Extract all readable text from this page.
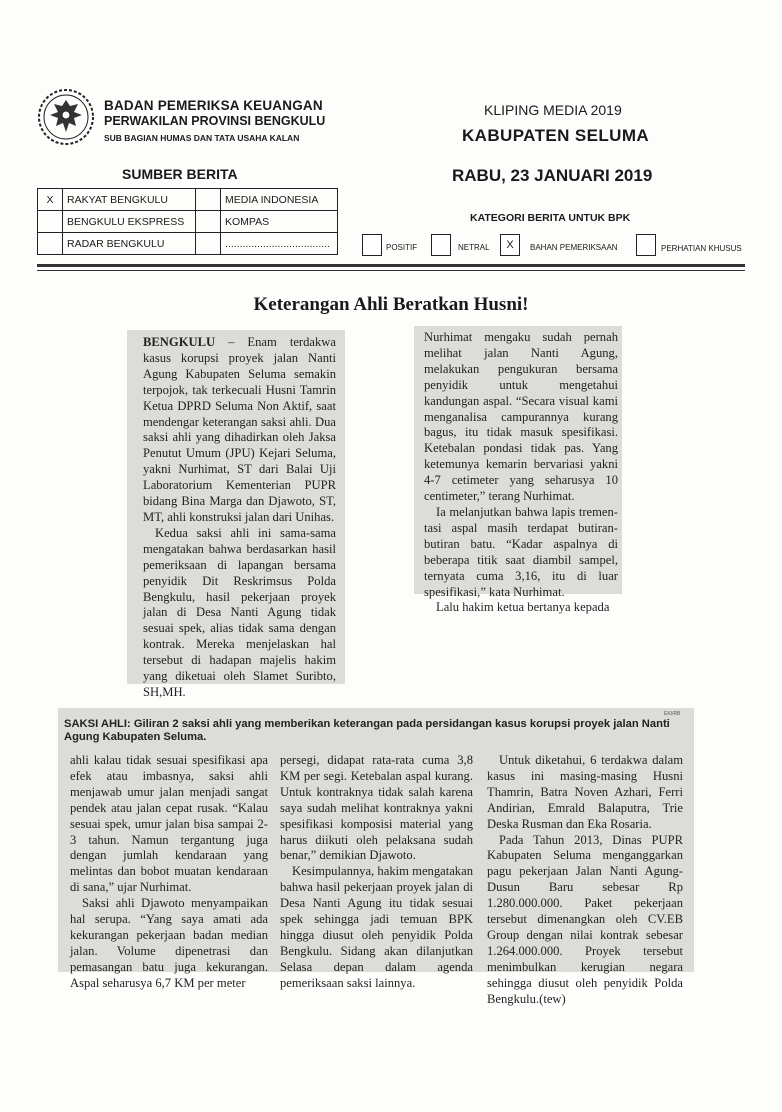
BADAN PEMERIKSA KEUANGAN
PERWAKILAN PROVINSI BENGKULU
SUB BAGIAN HUMAS DAN TATA USAHA KALAN
KLIPING MEDIA 2019
KABUPATEN SELUMA
RABU, 23 JANUARI 2019
SUMBER BERITA
X	RAKYAT BENGKULU		MEDIA INDONESIA
	BENGKULU EKSPRESS		KOMPAS
	RADAR BENGKULU		....................................
KATEGORI BERITA UNTUK BPK
POSITIF	NETRAL	X	BAHAN PEMERIKSAAN	PERHATIAN KHUSUS
Keterangan Ahli Beratkan Husni!

BENGKULU – Enam terdakwa kasus korupsi proyek jalan Nanti Agung Kabupaten Seluma semakin terpojok, tak terkecuali Husni Tamrin Ketua DPRD Seluma Non Aktif, saat mendengar keterangan saksi ahli. Dua saksi ahli yang dihadirkan oleh Jaksa Penutut Umum (JPU) Kejari Seluma, yakni Nurhimat, ST dari Balai Uji Laboratorium Kementerian PUPR bidang Bina Marga dan Djawoto, ST, MT, ahli konstruksi jalan dari Unihas.

Kedua saksi ahli ini sama-sama mengatakan bahwa berdasarkan hasil pemeriksaan di lapangan bersama penyidik Dit Reskrimsus Polda Bengkulu, hasil pekerjaan proyek jalan di Desa Nanti Agung tidak sesuai spek, alias tidak sama dengan kontrak. Mereka menjelaskan hal tersebut di hadapan majelis hakim yang diketuai oleh Slamet Suribto, SH,MH.

Nurhimat mengaku sudah pernah melihat jalan Nanti Agung, melakukan pengukuran bersama penyidik untuk mengetahui kandungan aspal. “Secara visual kami menganalisa campurannya kurang bagus, itu tidak masuk spesifikasi. Ketebalan pondasi tidak pas. Yang ketemunya kemarin bervariasi yakni 4-7 cetimeter yang seharusya 10 centimeter,” terang Nurhimat.

Ia melanjutkan bahwa lapis tremen-tasi aspal masih terdapat butiran-butiran batu. “Kadar aspalnya di beberapa titik saat diambil sampel, ternyata cuma 3,16, itu di luar spesifikasi,” kata Nurhimat.

Lalu hakim ketua bertanya kepada

EKI/RB
SAKSI AHLI: Giliran 2 saksi ahli yang memberikan keterangan pada persidangan kasus korupsi proyek jalan Nanti Agung Kabupaten Seluma.

ahli kalau tidak sesuai spesifikasi apa efek atau imbasnya, saksi ahli menjawab umur jalan menjadi sangat pendek atau jalan cepat rusak. “Kalau sesuai spek, umur jalan bisa sampai 2-3 tahun. Namun tergantung juga dengan jumlah kendaraan yang melintas dan bobot muatan kendaraan di sana,” ujar Nurhimat.

Saksi ahli Djawoto menyampaikan hal serupa. “Yang saya amati ada kekurangan pekerjaan badan median jalan. Volume dipenetrasi dan pemasangan batu juga kekurangan. Aspal seharusya 6,7 KM per meter

persegi, didapat rata-rata cuma 3,8 KM per segi. Ketebalan aspal kurang. Untuk kontraknya tidak salah karena saya sudah melihat kontraknya yakni spesifikasi komposisi material yang harus diikuti oleh pelaksana sudah benar,” demikian Djawoto.

Kesimpulannya, hakim mengatakan bahwa hasil pekerjaan proyek jalan di Desa Nanti Agung itu tidak sesuai spek sehingga jadi temuan BPK hingga diusut oleh penyidik Polda Bengkulu. Sidang akan dilanjutkan Selasa depan dalam agenda pemeriksaan saksi lainnya.

Untuk diketahui, 6 terdakwa dalam kasus ini masing-masing Husni Thamrin, Batra Noven Azhari, Ferri Andirian, Emrald Balaputra, Trie Deska Rusman dan Eka Rosaria.

Pada Tahun 2013, Dinas PUPR Kabupaten Seluma menganggarkan pagu pekerjaan Jalan Nanti Agung-Dusun Baru sebesar Rp 1.280.000.000. Paket pekerjaan tersebut dimenangkan oleh CV.EB Group dengan nilai kontrak sebesar 1.264.000.000. Proyek tersebut menimbulkan kerugian negara sehingga diusut oleh penyidik Polda Bengkulu.(tew)
